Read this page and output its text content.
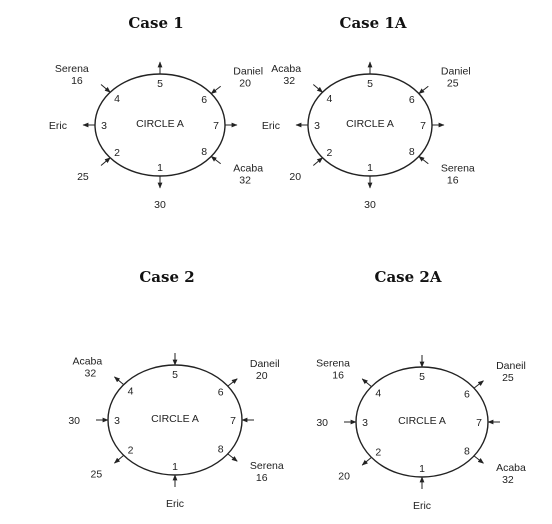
Case 1
CIRCLE A
1
2
3
4
5
6
7
8
Serena
16
Daniel
20
Eric
25
30
Acaba
32
Case 1A
CIRCLE A
1
2
3
4
5
6
7
8
Acaba
32
Daniel
25
Eric
20
30
Serena
16
Case 2
CIRCLE A
1
2
3
4
5
6
7
8
Acaba
32
Daneil
20
30
25
Eric
Serena
16
Case 2A
CIRCLE A
1
2
3
4
5
6
7
8
Serena
16
Daneil
25
30
20
Eric
Acaba
32
